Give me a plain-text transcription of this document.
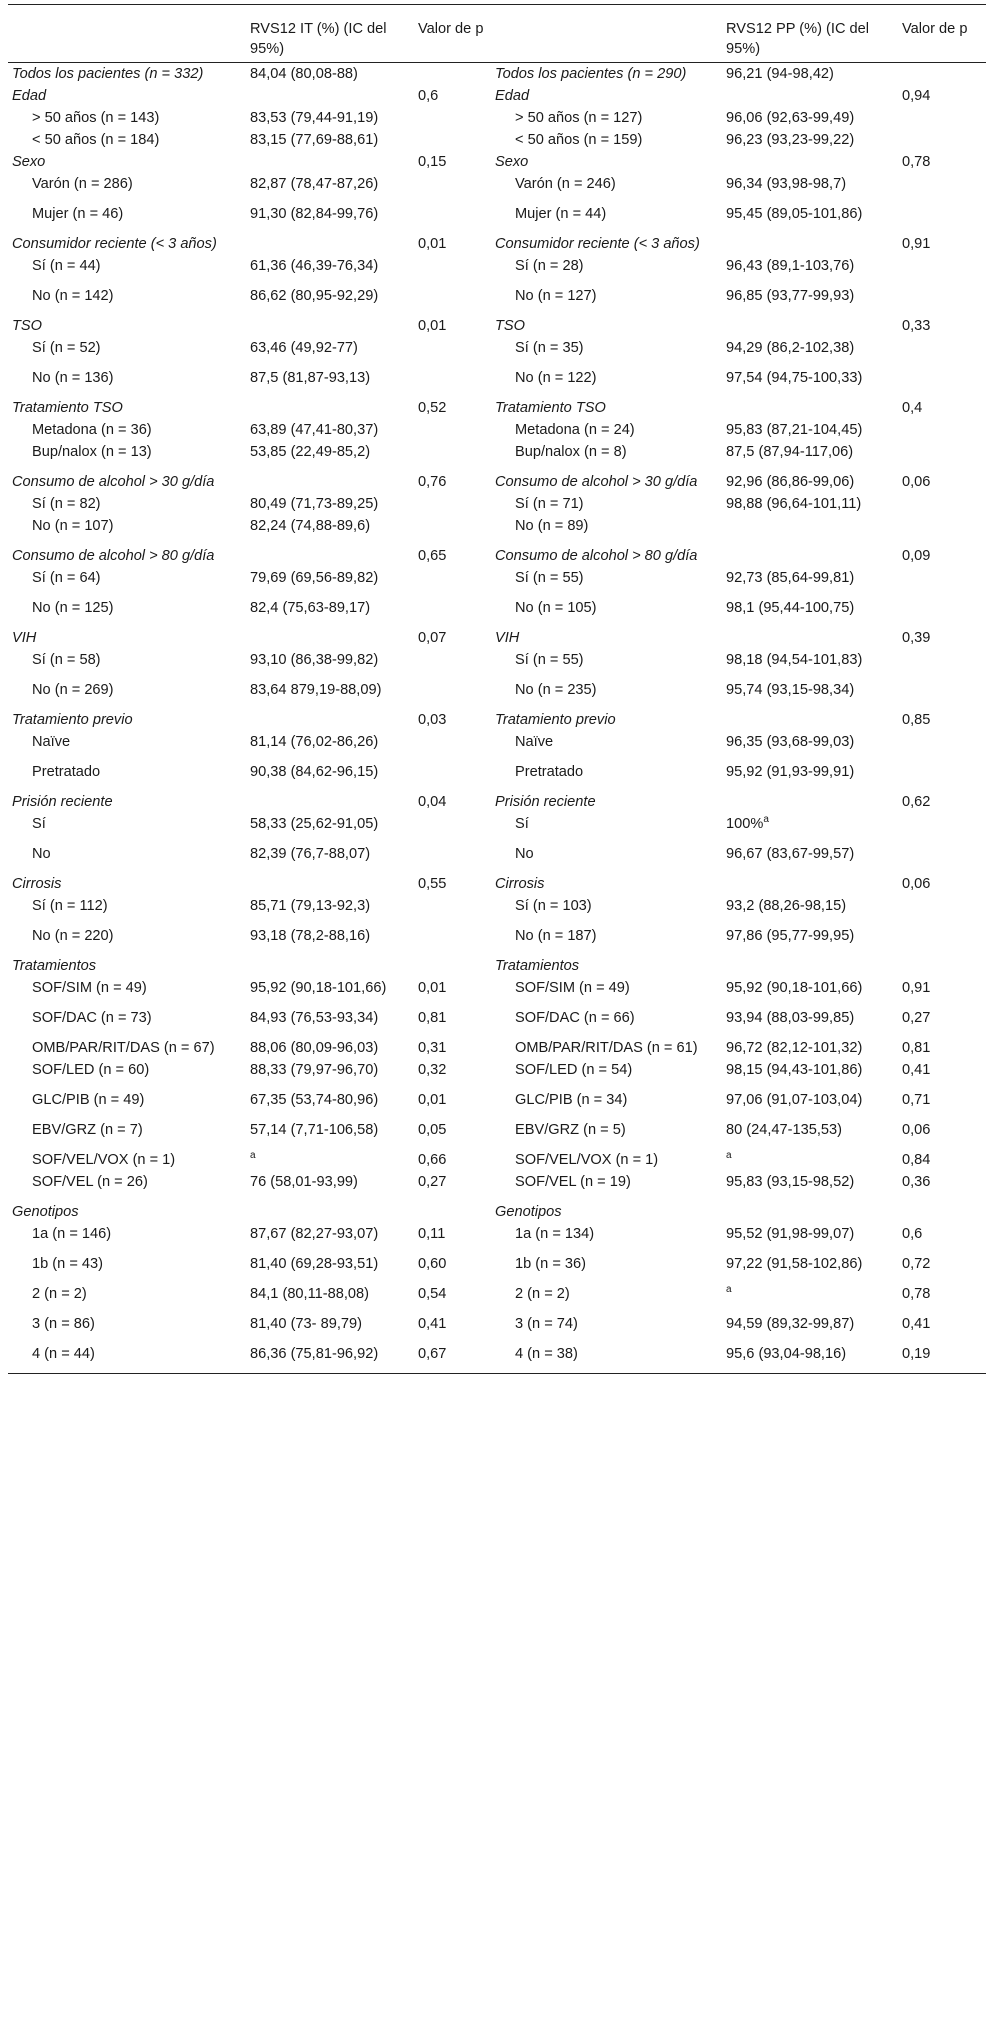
	RVS12 IT (%) (IC del 95%)	Valor de p		RVS12 PP (%) (IC del 95%)	Valor de p
Todos los pacientes (n = 332)	84,04 (80,08-88)		Todos los pacientes (n = 290)	96,21 (94-98,42)	
Edad		0,6	Edad		0,94
> 50 años (n = 143)	83,53 (79,44-91,19)		> 50 años (n = 127)	96,06 (92,63-99,49)	
< 50 años (n = 184)	83,15 (77,69-88,61)		< 50 años (n = 159)	96,23 (93,23-99,22)	
Sexo		0,15	Sexo		0,78
Varón (n = 286)	82,87 (78,47-87,26)		Varón (n = 246)	96,34 (93,98-98,7)	
Mujer (n = 46)	91,30 (82,84-99,76)		Mujer (n = 44)	95,45 (89,05-101,86)	
Consumidor reciente (< 3 años)		0,01	Consumidor reciente (< 3 años)		0,91
Sí (n = 44)	61,36 (46,39-76,34)		Sí (n = 28)	96,43 (89,1-103,76)	
No (n = 142)	86,62 (80,95-92,29)		No (n = 127)	96,85 (93,77-99,93)	
TSO		0,01	TSO		0,33
Sí (n = 52)	63,46 (49,92-77)		Sí (n = 35)	94,29 (86,2-102,38)	
No (n = 136)	87,5 (81,87-93,13)		No (n = 122)	97,54 (94,75-100,33)	
Tratamiento TSO		0,52	Tratamiento TSO		0,4
Metadona (n = 36)	63,89 (47,41-80,37)		Metadona (n = 24)	95,83 (87,21-104,45)	
Bup/nalox (n = 13)	53,85 (22,49-85,2)		Bup/nalox (n = 8)	87,5 (87,94-117,06)	
Consumo de alcohol > 30 g/día		0,76	Consumo de alcohol > 30 g/día	92,96 (86,86-99,06)	0,06
Sí (n = 82)	80,49 (71,73-89,25)		Sí (n = 71)	98,88 (96,64-101,11)	
No (n = 107)	82,24 (74,88-89,6)		No (n = 89)		
Consumo de alcohol > 80 g/día		0,65	Consumo de alcohol > 80 g/día		0,09
Sí (n = 64)	79,69 (69,56-89,82)		Sí (n = 55)	92,73 (85,64-99,81)	
No (n = 125)	82,4 (75,63-89,17)		No (n = 105)	98,1 (95,44-100,75)	
VIH		0,07	VIH		0,39
Sí (n = 58)	93,10 (86,38-99,82)		Sí (n = 55)	98,18 (94,54-101,83)	
No (n = 269)	83,64 879,19-88,09)		No (n = 235)	95,74 (93,15-98,34)	
Tratamiento previo		0,03	Tratamiento previo		0,85
Naïve	81,14 (76,02-86,26)		Naïve	96,35 (93,68-99,03)	
Pretratado	90,38 (84,62-96,15)		Pretratado	95,92 (91,93-99,91)	
Prisión reciente		0,04	Prisión reciente		0,62
Sí	58,33 (25,62-91,05)		Sí	100%$^a$	
No	82,39 (76,7-88,07)		No	96,67 (83,67-99,57)	
Cirrosis		0,55	Cirrosis		0,06
Sí (n = 112)	85,71 (79,13-92,3)		Sí (n = 103)	93,2 (88,26-98,15)	
No (n = 220)	93,18 (78,2-88,16)		No (n = 187)	97,86 (95,77-99,95)	
Tratamientos			Tratamientos		
SOF/SIM (n = 49)	95,92 (90,18-101,66)	0,01	SOF/SIM (n = 49)	95,92 (90,18-101,66)	0,91
SOF/DAC (n = 73)	84,93 (76,53-93,34)	0,81	SOF/DAC (n = 66)	93,94 (88,03-99,85)	0,27
OMB/PAR/RIT/DAS (n = 67)	88,06 (80,09-96,03)	0,31	OMB/PAR/RIT/DAS (n = 61)	96,72 (82,12-101,32)	0,81
SOF/LED (n = 60)	88,33 (79,97-96,70)	0,32	SOF/LED (n = 54)	98,15 (94,43-101,86)	0,41
GLC/PIB (n = 49)	67,35 (53,74-80,96)	0,01	GLC/PIB (n = 34)	97,06 (91,07-103,04)	0,71
EBV/GRZ (n = 7)	57,14 (7,71-106,58)	0,05	EBV/GRZ (n = 5)	80 (24,47-135,53)	0,06
SOF/VEL/VOX (n = 1)	$^a$	0,66	SOF/VEL/VOX (n = 1)	$^a$	0,84
SOF/VEL (n = 26)	76 (58,01-93,99)	0,27	SOF/VEL (n = 19)	95,83 (93,15-98,52)	0,36
Genotipos			Genotipos		
1a (n = 146)	87,67 (82,27-93,07)	0,11	1a (n = 134)	95,52 (91,98-99,07)	0,6
1b (n = 43)	81,40 (69,28-93,51)	0,60	1b (n = 36)	97,22 (91,58-102,86)	0,72
2 (n = 2)	84,1 (80,11-88,08)	0,54	2 (n = 2)	$^a$	0,78
3 (n = 86)	81,40 (73- 89,79)	0,41	3 (n = 74)	94,59 (89,32-99,87)	0,41
4 (n = 44)	86,36 (75,81-96,92)	0,67	4 (n = 38)	95,6 (93,04-98,16)	0,19
